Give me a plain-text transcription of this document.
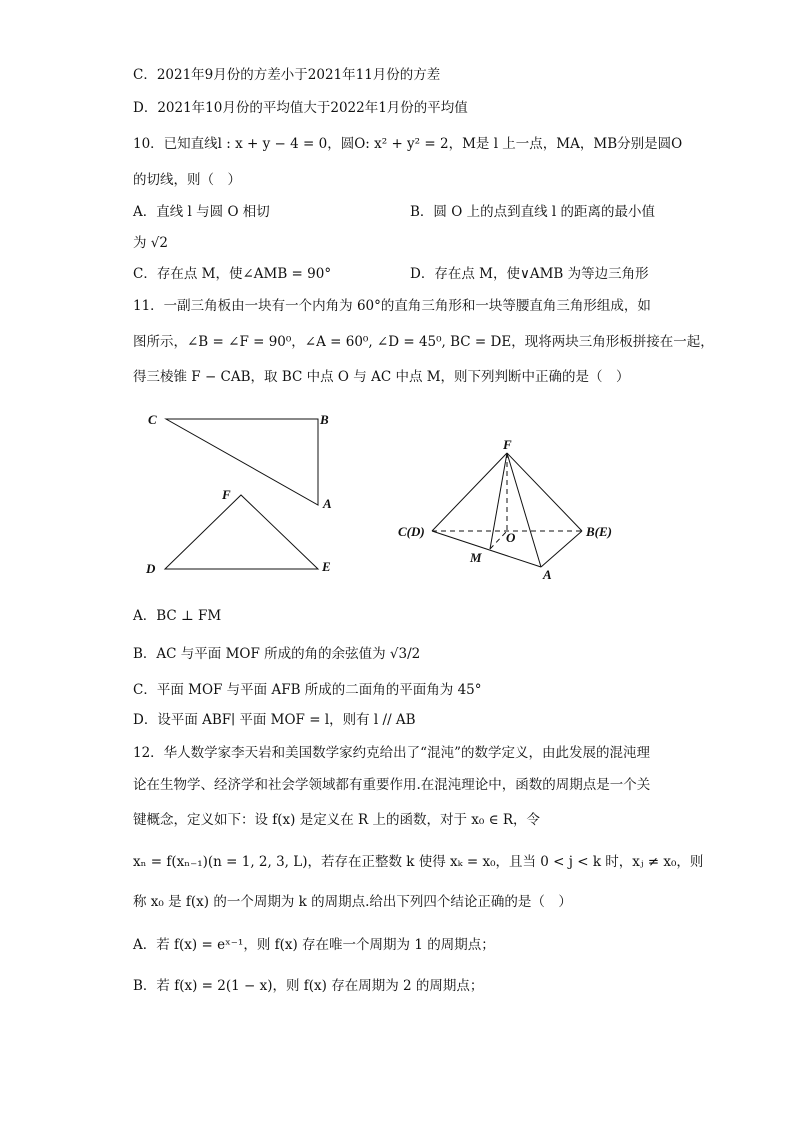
C．2021年9月份的方差小于2021年11月份的方差
D．2021年10月份的平均值大于2022年1月份的平均值
10．已知直线l : x + y − 4 = 0，圆O: x² + y² = 2，M是 l 上一点，MA，MB分别是圆O
的切线，则（　）
A．直线 l 与圆 O 相切	B．圆 O 上的点到直线 l 的距离的最小值
为 √2
C．存在点 M，使∠AMB = 90°	D．存在点 M，使∨AMB 为等边三角形
11．一副三角板由一块有一个内角为 60°的直角三角形和一块等腰直角三角形组成，如
图所示，∠B = ∠F = 90⁰，∠A = 60⁰, ∠D = 45⁰, BC = DE，现将两块三角形板拼接在一起，
得三棱锥 F − CAB，取 BC 中点 O 与 AC 中点 M，则下列判断中正确的是（　）
C	B
A
F
D	E
F
C(D)	B(E)
O
M
A
A．BC ⊥ FM
B．AC 与平面 MOF 所成的角的余弦值为 √3/2
C．平面 MOF 与平面 AFB 所成的二面角的平面角为 45°
D．设平面 ABF∣ 平面 MOF = l，则有 l // AB
12．华人数学家李天岩和美国数学家约克给出了“混沌”的数学定义，由此发展的混沌理
论在生物学、经济学和社会学领域都有重要作用.在混沌理论中，函数的周期点是一个关
键概念，定义如下：设 f(x) 是定义在 R 上的函数，对于 x₀ ∈ R，令
xₙ = f(xₙ₋₁)(n = 1, 2, 3, L)，若存在正整数 k 使得 xₖ = x₀，且当 0 < j < k 时，xⱼ ≠ x₀，则
称 x₀ 是 f(x) 的一个周期为 k 的周期点.给出下列四个结论正确的是（　）
A．若 f(x) = eˣ⁻¹，则 f(x) 存在唯一个周期为 1 的周期点；
B．若 f(x) = 2(1 − x)，则 f(x) 存在周期为 2 的周期点；
